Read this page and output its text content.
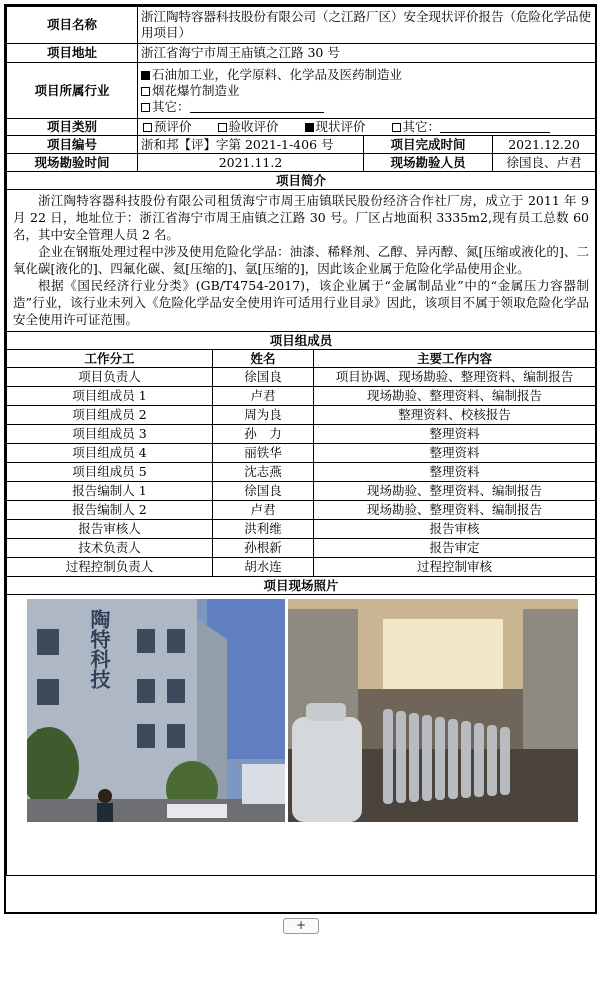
项目名称	浙江陶特容器科技股份有限公司（之江路厂区）安全现状评价报告（危险化学品使用项目）				
项目地址	浙江省海宁市周王庙镇之江路 30 号				
项目所属行业	石油加工业，化学原料、化学品及医药制造业
烟花爆竹制造业
其它：				

项目类别	预评价 验收评价 现状评价 其它：				
项目编号	浙和邦【评】字第 2021-1-406 号			项目完成时间	2021.12.20
现场勘验时间	2021.11.2			现场勘验人员	徐国良、卢君
项目简介					

浙江陶特容器科技股份有限公司租赁海宁市周王庙镇联民股份经济合作社厂房，成立于 2011 年 9 月 22 日，地址位于：浙江省海宁市周王庙镇之江路 30 号。厂区占地面积 3335m2,现有员工总数 60 名，其中安全管理人员 2 名。

企业在钢瓶处理过程中涉及使用危险化学品：油漆、稀释剂、乙醇、异丙醇、氮[压缩或液化的]、二氧化碳[液化的]、四氟化碳、氦[压缩的]、氩[压缩的]，因此该企业属于危险化学品使用企业。

根据《国民经济行业分类》(GB/T4754-2017)，该企业属于“金属制品业”中的“金属压力容器制造”行业，该行业未列入《危险化学品安全使用许可适用行业目录》因此，该项目不属于领取危险化学品安全使用许可证范围。					

项目组成员					
工作分工		姓名	主要工作内容		
项目负责人		徐国良	项目协调、现场勘验、整理资料、编制报告		
项目组成员 1		卢君	现场勘验、整理资料、编制报告		
项目组成员 2		周为良	整理资料、校核报告		
项目组成员 3		孙　力	整理资料		
项目组成员 4		丽铁华	整理资料		
项目组成员 5		沈志燕	整理资料		
报告编制人 1		徐国良	现场勘验、整理资料、编制报告		
报告编制人 2		卢君	现场勘验、整理资料、编制报告		
报告审核人		洪利维	报告审核		
技术负责人		孙根新	报告审定		
过程控制负责人		胡水连	过程控制审核		
项目现场照片					

陶特科技					
+
